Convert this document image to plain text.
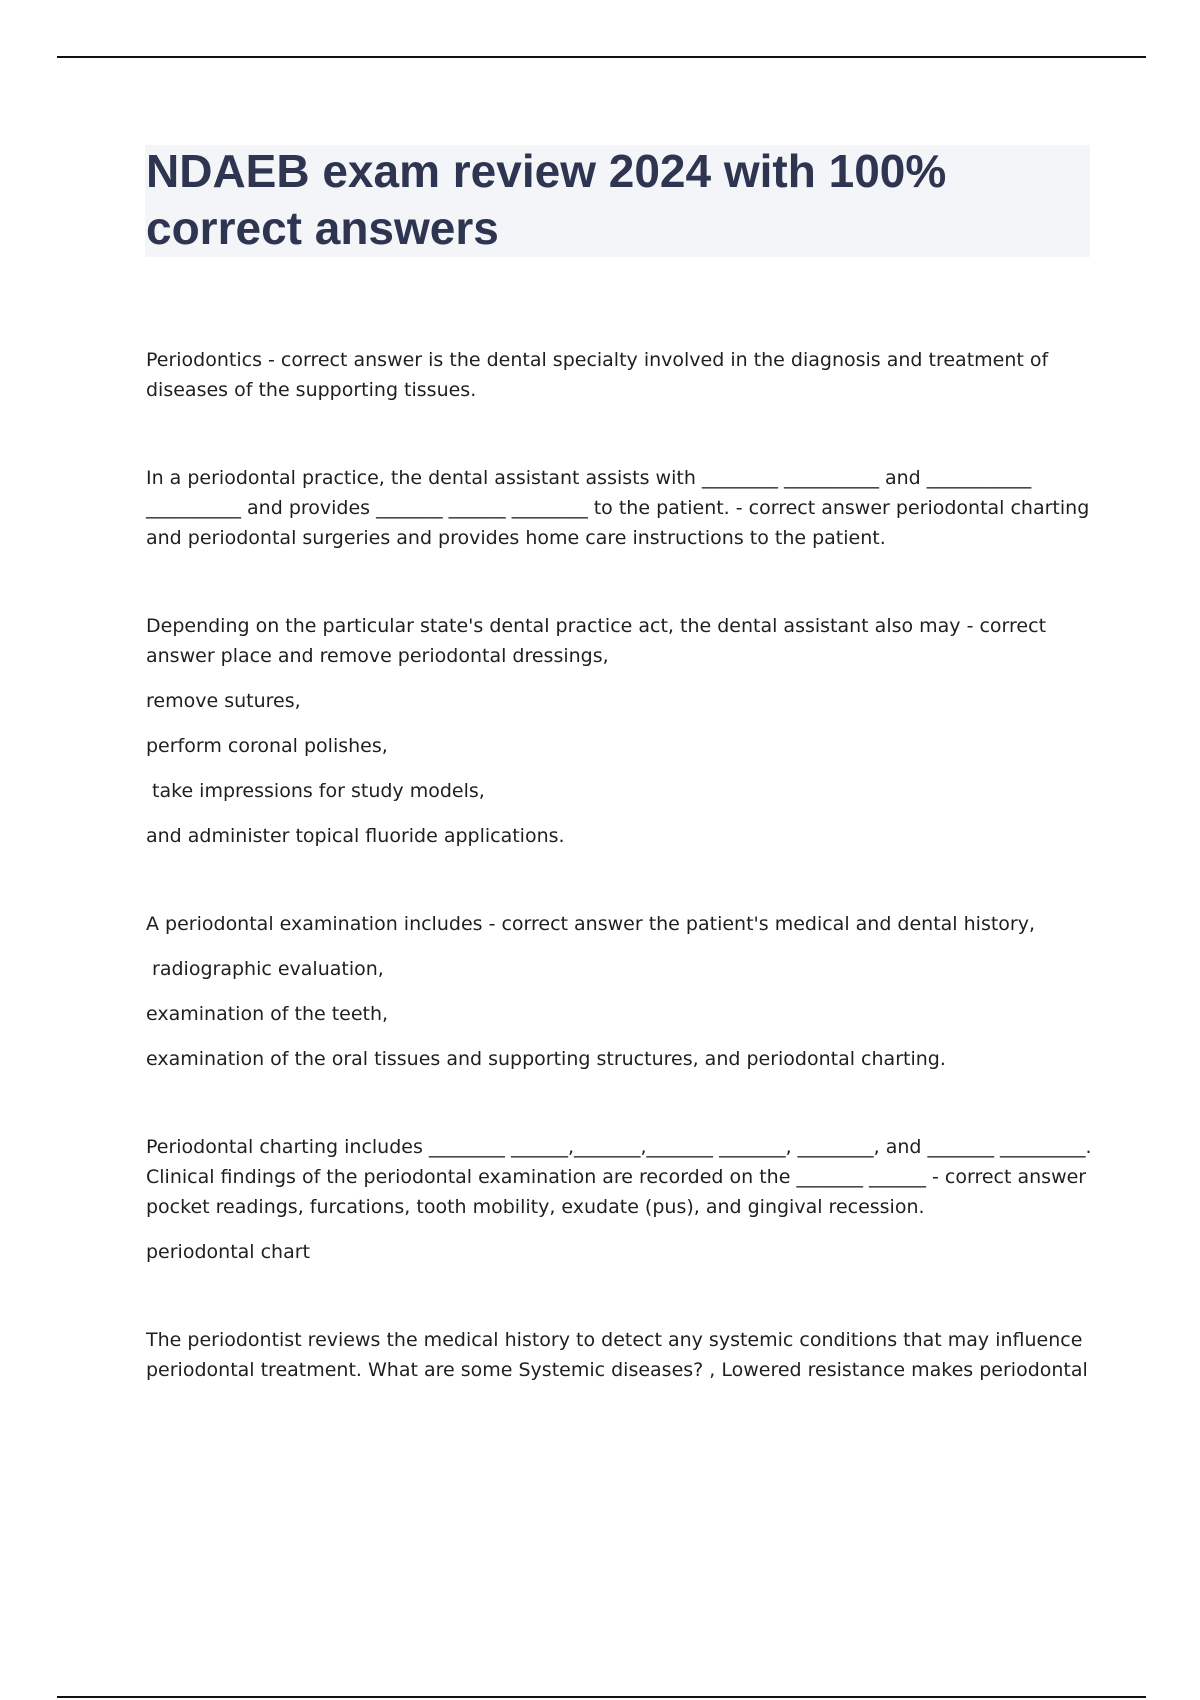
NDAEB exam review 2024 with 100% correct answers

Periodontics - correct answer is the dental specialty involved in the diagnosis and treatment of diseases of the supporting tissues.

In a periodontal practice, the dental assistant assists with ________ __________ and ___________ __________ and provides _______ ______ ________ to the patient. - correct answer periodontal charting and periodontal surgeries and provides home care instructions to the patient.

Depending on the particular state's dental practice act, the dental assistant also may - correct answer place and remove periodontal dressings,

remove sutures,

perform coronal polishes,

take impressions for study models,

and administer topical fluoride applications.

A periodontal examination includes - correct answer the patient's medical and dental history,

radiographic evaluation,

examination of the teeth,

examination of the oral tissues and supporting structures, and periodontal charting.

Periodontal charting includes ________ ______,_______,_______ _______, ________, and _______ _________. Clinical findings of the periodontal examination are recorded on the _______ ______ - correct answer pocket readings, furcations, tooth mobility, exudate (pus), and gingival recession.

periodontal chart

The periodontist reviews the medical history to detect any systemic conditions that may influence periodontal treatment. What are some Systemic diseases? , Lowered resistance makes periodontal
